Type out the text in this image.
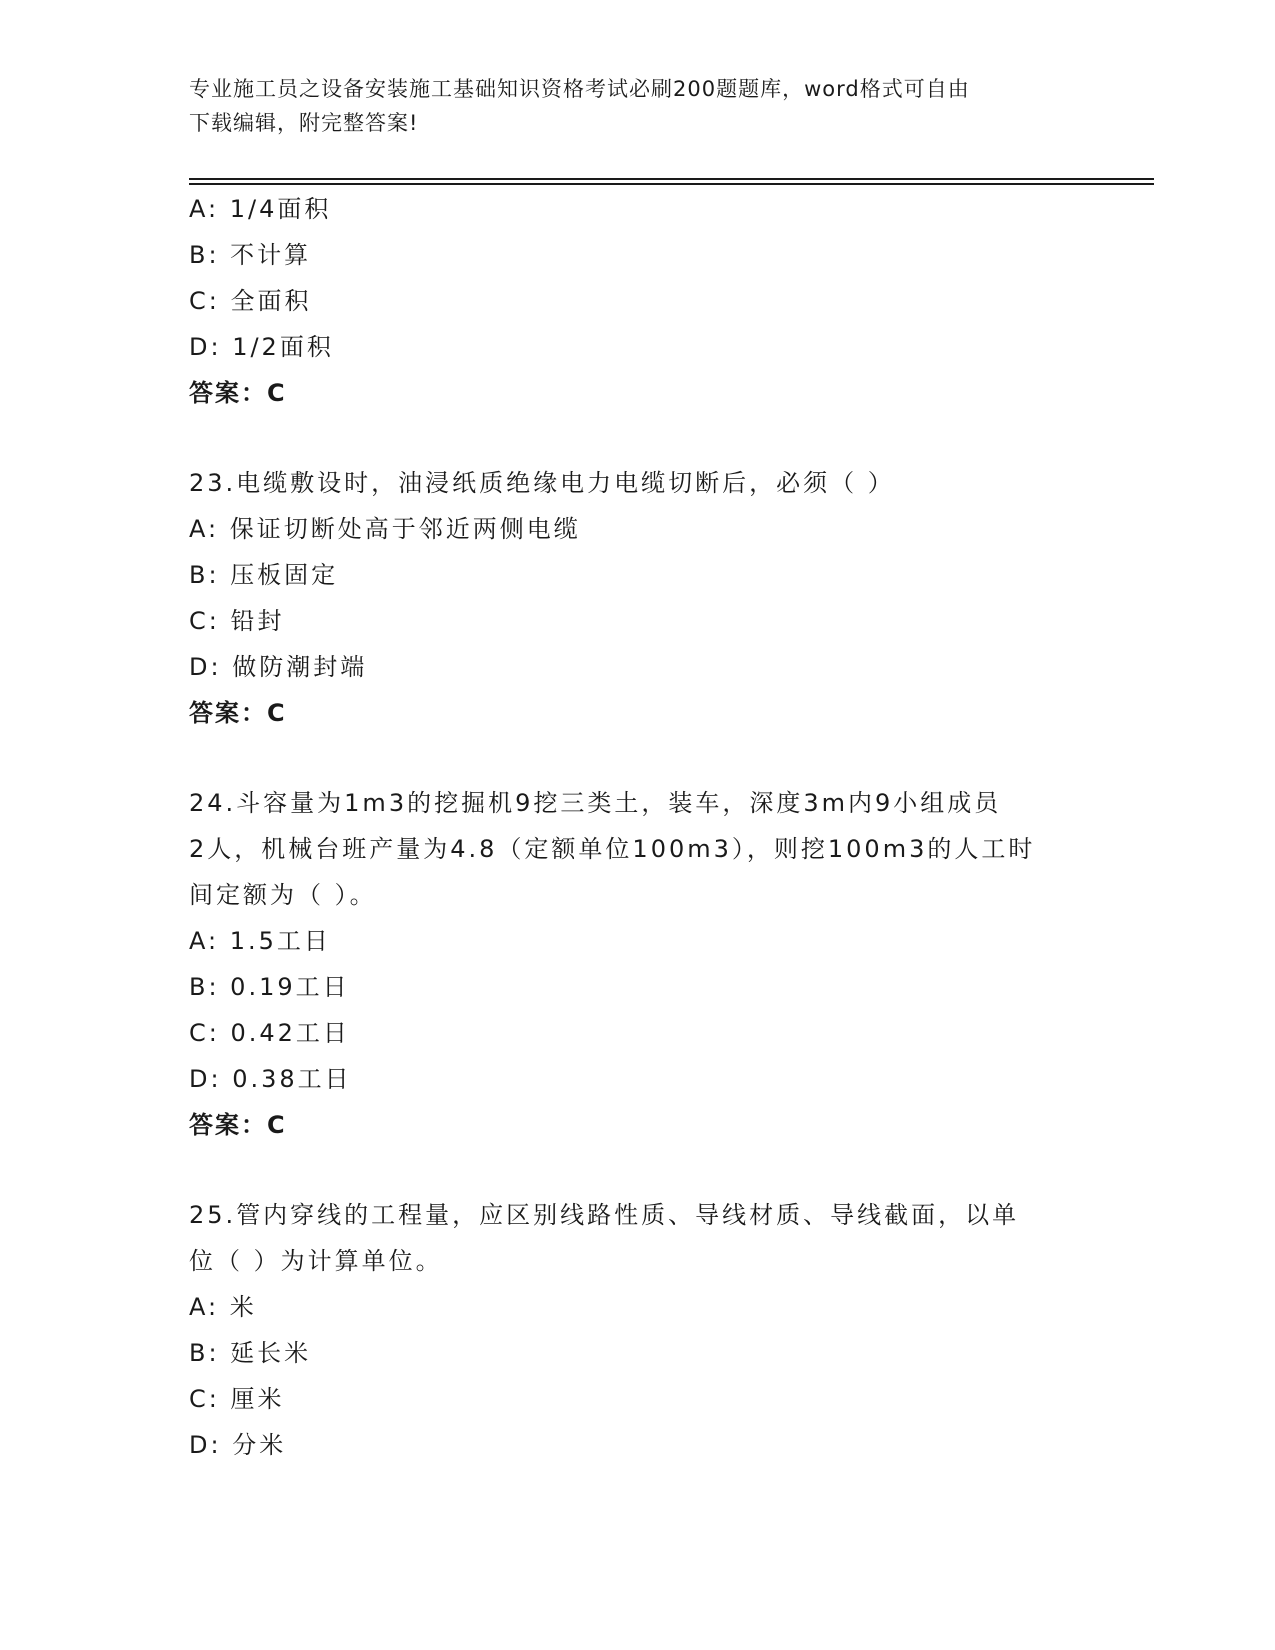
专业施工员之设备安装施工基础知识资格考试必刷200题题库，word格式可自由
下载编辑，附完整答案!
A: 1/4面积
B: 不计算
C: 全面积
D: 1/2面积
答案：C
23.电缆敷设时，油浸纸质绝缘电力电缆切断后，必须（ ）
A: 保证切断处高于邻近两侧电缆
B: 压板固定
C: 铅封
D: 做防潮封端
答案：C
24.斗容量为1m3的挖掘机9挖三类土，装车，深度3m内9小组成员
2人，机械台班产量为4.8（定额单位100m3），则挖100m3的人工时
间定额为（ ）。
A: 1.5工日
B: 0.19工日
C: 0.42工日
D: 0.38工日
答案：C
25.管内穿线的工程量，应区别线路性质、导线材质、导线截面，以单
位（ ）为计算单位。
A: 米
B: 延长米
C: 厘米
D: 分米
